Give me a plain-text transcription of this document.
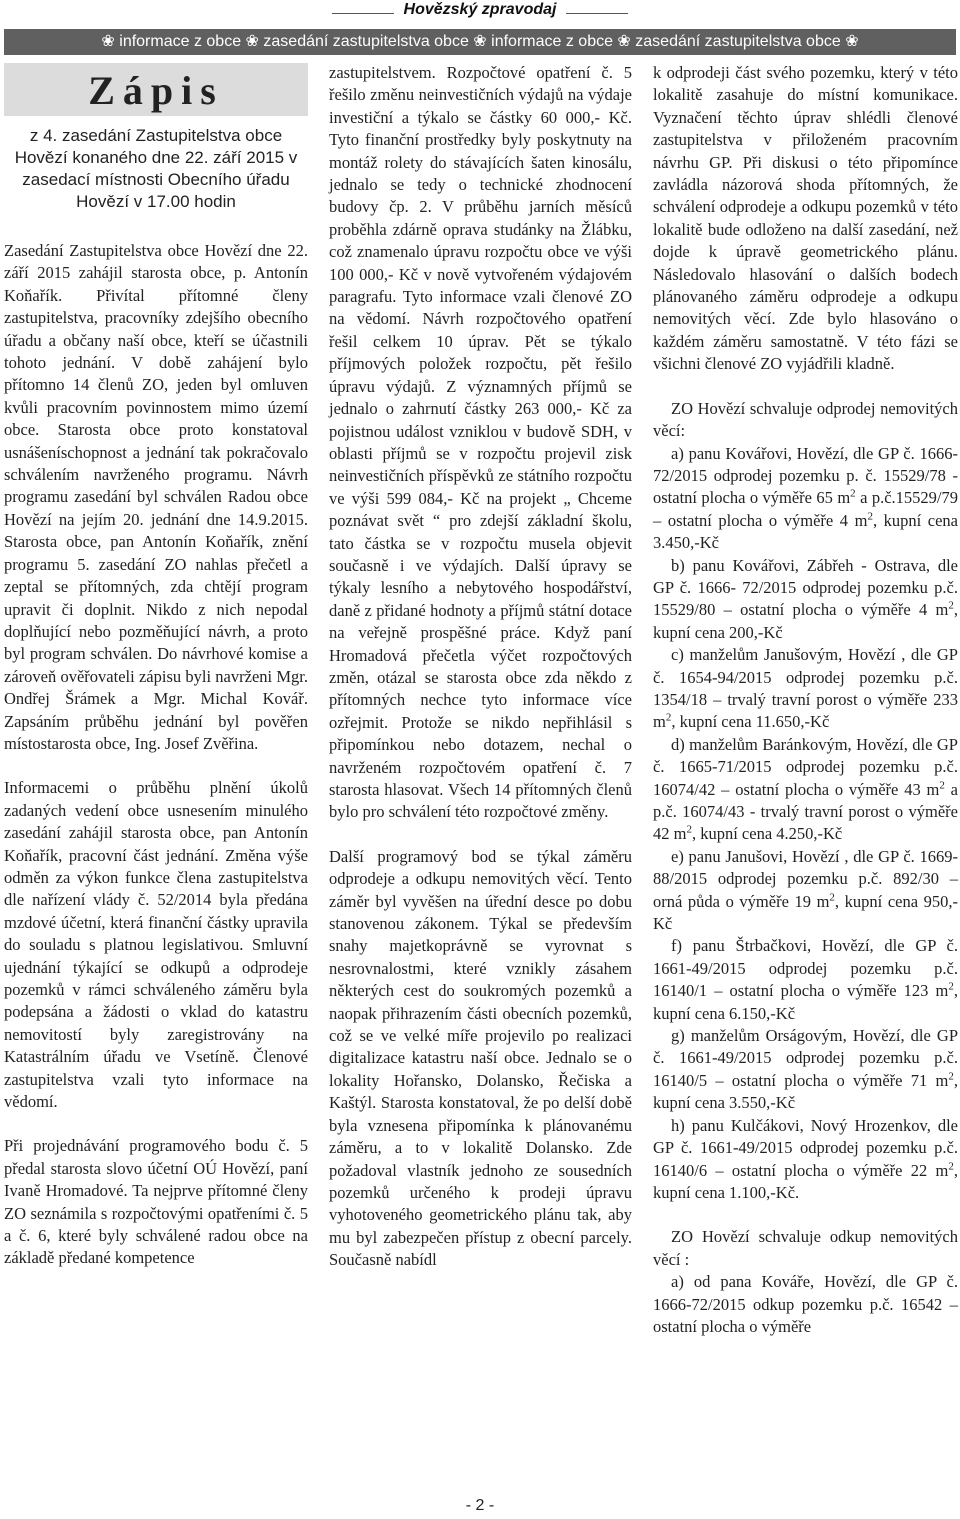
Hovězský zpravodaj
❀ informace z obce ❀ zasedání zastupitelstva obce ❀ informace z obce ❀ zasedání zastupitelstva obce ❀
Zápis
z 4. zasedání Zastupitelstva obce Hovězí konaného dne 22. září 2015 v zasedací místnosti Obecního úřadu Hovězí v 17.00 hodin

Zasedání Zastupitelstva obce Hovězí dne 22. září 2015 zahájil starosta obce, p. Antonín Koňařík. Přivítal přítomné členy zastupitelstva, pracovníky zdejšího obecního úřadu a občany naší obce, kteří se účastnili tohoto jednání. V době zahájení bylo přítomno 14 členů ZO, jeden byl omluven kvůli pracovním povinnostem mimo území obce. Starosta obce proto konstatoval usnášeníschopnost a jednání tak pokračovalo schválením navrženého programu. Návrh programu zasedání byl schválen Radou obce Hovězí na jejím 20. jednání dne 14.9.2015. Starosta obce, pan Antonín Koňařík, znění programu 5. zasedání ZO nahlas přečetl a zeptal se přítomných, zda chtějí program upravit či doplnit. Nikdo z nich nepodal doplňující nebo pozměňující návrh, a proto byl program schválen. Do návrhové komise a zároveň ověřovateli zápisu byli navrženi Mgr. Ondřej Šrámek a Mgr. Michal Kovář. Zapsáním průběhu jednání byl pověřen místostarosta obce, Ing. Josef Zvěřina.

Informacemi o průběhu plnění úkolů zadaných vedení obce usnesením minulého zasedání zahájil starosta obce, pan Antonín Koňařík, pracovní část jednání. Změna výše odměn za výkon funkce člena zastupitelstva dle nařízení vlády č. 52/2014 byla předána mzdové účetní, která finanční částky upravila do souladu s platnou legislativou. Smluvní ujednání týkající se odkupů a odprodeje pozemků v rámci schváleného záměru byla podepsána a žádosti o vklad do katastru nemovitostí byly zaregistrovány na Katastrálním úřadu ve Vsetíně. Členové zastupitelstva vzali tyto informace na vědomí.

Při projednávání programového bodu č. 5 předal starosta slovo účetní OÚ Hovězí, paní Ivaně Hromadové. Ta nejprve přítomné členy ZO seznámila s rozpočtovými opatřeními č. 5 a č. 6, které byly schválené radou obce na základě předané kompetence

zastupitelstvem. Rozpočtové opatření č. 5 řešilo změnu neinvestičních výdajů na výdaje investiční a týkalo se částky 60 000,- Kč. Tyto finanční prostředky byly poskytnuty na montáž rolety do stávajících šaten kinosálu, jednalo se tedy o technické zhodnocení budovy čp. 2. V průběhu jarních měsíců proběhla zdárně oprava studánky na Žlábku, což znamenalo úpravu rozpočtu obce ve výši 100 000,- Kč v nově vytvořeném výdajovém paragrafu. Tyto informace vzali členové ZO na vědomí. Návrh rozpočtového opatření řešil celkem 10 úprav. Pět se týkalo příjmových položek rozpočtu, pět řešilo úpravu výdajů. Z významných příjmů se jednalo o zahrnutí částky 263 000,- Kč za pojistnou událost vzniklou v budově SDH, v oblasti příjmů se v rozpočtu projevil zisk neinvestičních příspěvků ze státního rozpočtu ve výši 599 084,- Kč na projekt „ Chceme poznávat svět “ pro zdejší základní školu, tato částka se v rozpočtu musela objevit současně i ve výdajích. Další úpravy se týkaly lesního a nebytového hospodářství, daně z přidané hodnoty a příjmů státní dotace na veřejně prospěšné práce. Když paní Hromadová přečetla výčet rozpočtových změn, otázal se starosta obce zda někdo z přítomných nechce tyto informace více ozřejmit. Protože se nikdo nepřihlásil s připomínkou nebo dotazem, nechal o navrženém rozpočtovém opatření č. 7 starosta hlasovat. Všech 14 přítomných členů bylo pro schválení této rozpočtové změny.

Další programový bod se týkal záměru odprodeje a odkupu nemovitých věcí. Tento záměr byl vyvěšen na úřední desce po dobu stanovenou zákonem. Týkal se především snahy majetkoprávně se vyrovnat s nesrovnalostmi, které vznikly zásahem některých cest do soukromých pozemků a naopak přihrazením části obecních pozemků, což se ve velké míře projevilo po realizaci digitalizace katastru naší obce. Jednalo se o lokality Hořansko, Dolansko, Řečiska a Kaštýl. Starosta konstatoval, že po delší době byla vznesena připomínka k plánovanému záměru, a to v lokalitě Dolansko. Zde požadoval vlastník jednoho ze sousedních pozemků určeného k prodeji úpravu vyhotoveného geometrického plánu tak, aby mu byl zabezpečen přístup z obecní parcely. Současně nabídl

k odprodeji část svého pozemku, který v této lokalitě zasahuje do místní komunikace. Vyznačení těchto úprav shlédli členové zastupitelstva v přiloženém pracovním návrhu GP. Při diskusi o této připomínce zavládla názorová shoda přítomných, že schválení odprodeje a odkupu pozemků v této lokalitě bude odloženo na další zasedání, než dojde k úpravě geometrického plánu. Následovalo hlasování o dalších bodech plánovaného záměru odprodeje a odkupu nemovitých věcí. Zde bylo hlasováno o každém záměru samostatně. V této fázi se všichni členové ZO vyjádřili kladně.

ZO Hovězí schvaluje odprodej nemovitých věcí:

a) panu Kovářovi, Hovězí, dle GP č. 1666-72/2015 odprodej pozemku p. č. 15529/78 - ostatní plocha o výměře 65 $m^2$ a p.č.15529/79 – ostatní plocha o výměře 4 $m^2$, kupní cena 3.450,-Kč

b) panu Kovářovi, Zábřeh - Ostrava, dle GP č. 1666- 72/2015 odprodej pozemku p.č. 15529/80 – ostatní plocha o výměře 4 $m^2$, kupní cena 200,-Kč

c) manželům Janušovým, Hovězí , dle GP č. 1654-94/2015 odprodej pozemku p.č. 1354/18 – trvalý travní porost o výměře 233 $m^2$, kupní cena 11.650,-Kč

d) manželům Baránkovým, Hovězí, dle GP č. 1665-71/2015 odprodej pozemku p.č. 16074/42 – ostatní plocha o výměře 43 $m^2$ a p.č. 16074/43 - trvalý travní porost o výměře 42 $m^2$, kupní cena 4.250,-Kč

e) panu Janušovi, Hovězí , dle GP č. 1669-88/2015 odprodej pozemku p.č. 892/30 – orná půda o výměře 19 $m^2$, kupní cena 950,-Kč

f) panu Štrbačkovi, Hovězí, dle GP č. 1661-49/2015 odprodej pozemku p.č. 16140/1 – ostatní plocha o výměře 123 $m^2$, kupní cena 6.150,-Kč

g) manželům Orságovým, Hovězí, dle GP č. 1661-49/2015 odprodej pozemku p.č. 16140/5 – ostatní plocha o výměře 71 $m^2$, kupní cena 3.550,-Kč

h) panu Kulčákovi, Nový Hrozenkov, dle GP č. 1661-49/2015 odprodej pozemku p.č. 16140/6 – ostatní plocha o výměře 22 $m^2$, kupní cena 1.100,-Kč.

ZO Hovězí schvaluje odkup nemovitých věcí :

a) od pana Kováře, Hovězí, dle GP č. 1666-72/2015 odkup pozemku p.č. 16542 – ostatní plocha o výměře

- 2 -
